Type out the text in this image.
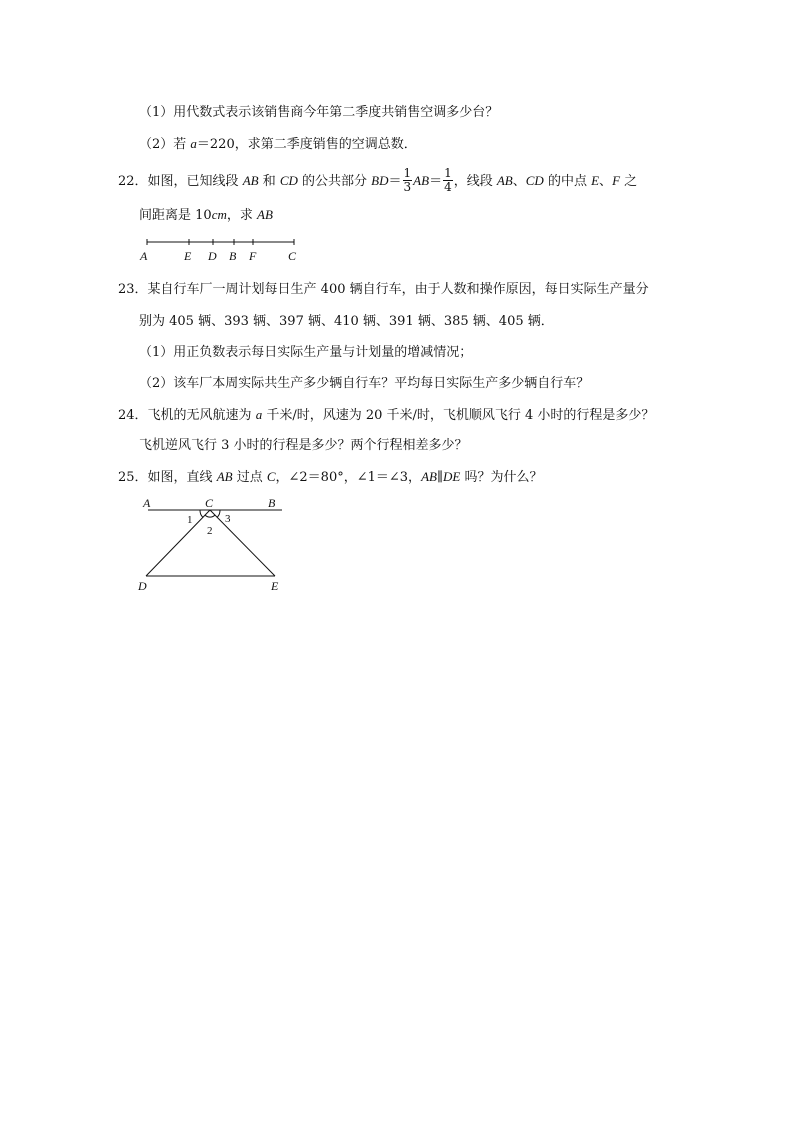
（1）用代数式表示该销售商今年第二季度共销售空调多少台？
（2）若 a＝220，求第二季度销售的空调总数．
22．如图，已知线段 AB 和 CD 的公共部分 $BD= \frac{1}{3} AB= \frac{1}{4}$ ，线段 AB、CD 的中点 E、F 之
间距离是 10cm，求 AB
A	E D B F	C
23．某自行车厂一周计划每日生产 400 辆自行车，由于人数和操作原因，每日实际生产量分
别为 405 辆、393 辆、397 辆、410 辆、391 辆、385 辆、405 辆．
（1）用正负数表示每日实际生产量与计划量的增减情况；
（2）该车厂本周实际共生产多少辆自行车？平均每日实际生产多少辆自行车？
24．飞机的无风航速为 a 千米/时，风速为 20 千米/时，飞机顺风飞行 4 小时的行程是多少？
飞机逆风飞行 3 小时的行程是多少？两个行程相差多少？
25．如图，直线 AB 过点 C，∠2＝80°，∠1＝∠3，AB∥DE 吗？为什么？
A	C	B
1
2
3
D	E
